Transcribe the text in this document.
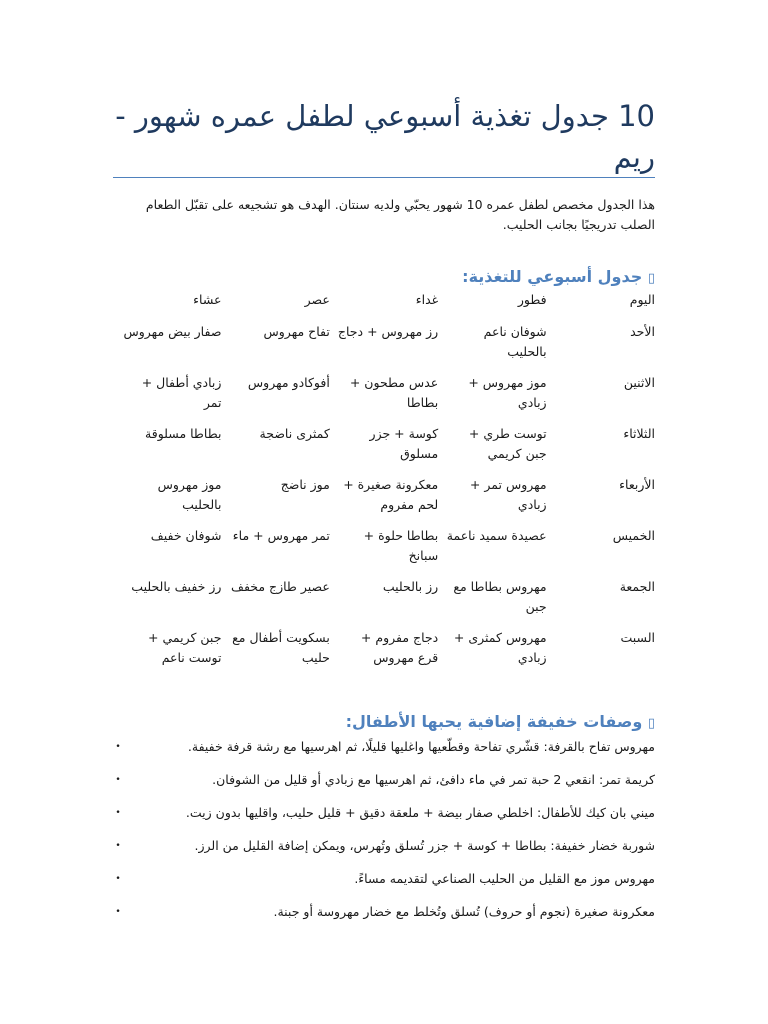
10 جدول تغذية أسبوعي لطفل عمره شهور - ريم

هذا الجدول مخصص لطفل عمره 10 شهور يحبّي ولديه سنتان. الهدف هو تشجيعه على تقبّل الطعام الصلب تدريجيًا بجانب الحليب.

▯ جدول أسبوعي للتغذية:
اليوم
فطور
غداء
عصر
عشاء
الأحد
شوفان ناعم بالحليب
رز مهروس + دجاج
تفاح مهروس
صفار بيض مهروس
الاثنين
موز مهروس + زبادي
عدس مطحون + بطاطا
أفوكادو مهروس
زبادي أطفال + تمر
الثلاثاء
توست طري + جبن كريمي
كوسة + جزر مسلوق
كمثرى ناضجة
بطاطا مسلوقة
الأربعاء
مهروس تمر + زبادي
معكرونة صغيرة + لحم مفروم
موز ناضج
موز مهروس بالحليب
الخميس
عصيدة سميد ناعمة
بطاطا حلوة + سبانخ
تمر مهروس + ماء
شوفان خفيف
الجمعة
مهروس بطاطا مع جبن
رز بالحليب
عصير طازج مخفف
رز خفيف بالحليب
السبت
مهروس كمثرى + زبادي
دجاج مفروم + قرع مهروس
بسكويت أطفال مع حليب
جبن كريمي + توست ناعم
▯ وصفات خفيفة إضافية يحبها الأطفال:
مهروس تفاح بالقرفة: قشّري تفاحة وقطّعيها واغليها قليلًا، ثم اهرسيها مع رشة قرفة خفيفة.
•
كريمة تمر: انقعي 2 حبة تمر في ماء دافئ، ثم اهرسيها مع زبادي أو قليل من الشوفان.
•
ميني بان كيك للأطفال: اخلطي صفار بيضة + ملعقة دقيق + قليل حليب، واقليها بدون زيت.
•
شوربة خضار خفيفة: بطاطا + كوسة + جزر تُسلق وتُهرس، ويمكن إضافة القليل من الرز.
•
مهروس موز مع القليل من الحليب الصناعي لتقديمه مساءً.
•
معكرونة صغيرة (نجوم أو حروف) تُسلق وتُخلط مع خضار مهروسة أو جبنة.
•
